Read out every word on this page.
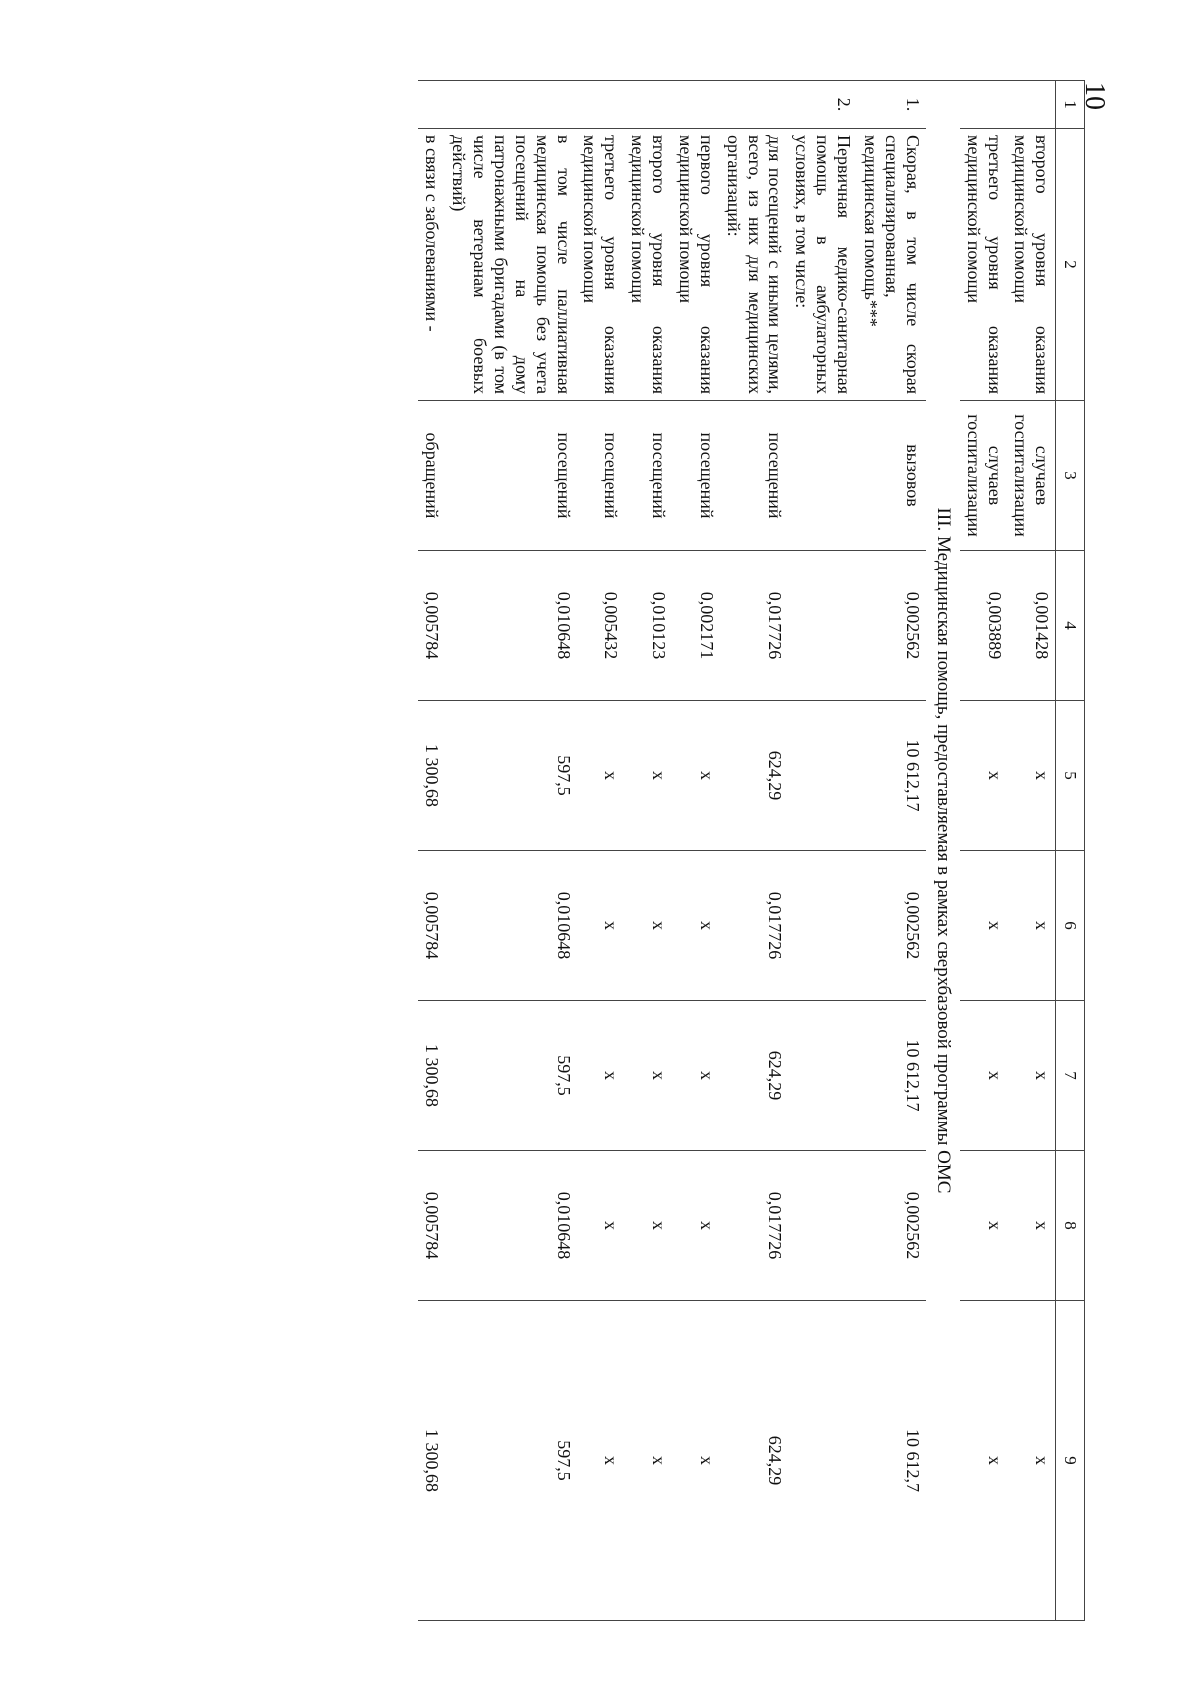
10
1	2	3	4	5	6	7	8	9
	второго уровня оказания медицинской помощи	случаев госпитализации	0,001428	х	х	х	х	х
	третьего уровня оказания медицинской помощи	случаев госпитализации	0,003889	х	х	х	х	х
III. Медицинская помощь, предоставляемая в рамках сверхбазовой программы ОМС								
1.	Скорая, в том числе скорая специализированная, медицинская помощь***	вызовов	0,002562	10 612,17	0,002562	10 612,17	0,002562	10 612,7
2.	Первичная медико-санитарная помощь в амбулаторных условиях, в том числе:							
	для посещений с иными целями, всего, из них для медицинских организаций:	посещений	0,017726	624,29	0,017726	624,29	0,017726	624,29
	первого уровня оказания медицинской помощи	посещений	0,002171	х	х	х	х	х
	второго уровня оказания медицинской помощи	посещений	0,010123	х	х	х	х	х
	третьего уровня оказания медицинской помощи	посещений	0,005432	х	х	х	х	х
	в том числе паллиативная медицинская помощь без учета посещений на дому патронажными бригадами (в том числе ветеранам боевых действий)	посещений	0,010648	597,5	0,010648	597,5	0,010648	597,5
	в связи с заболеваниями -	обращений	0,005784	1 300,68	0,005784	1 300,68	0,005784	1 300,68
